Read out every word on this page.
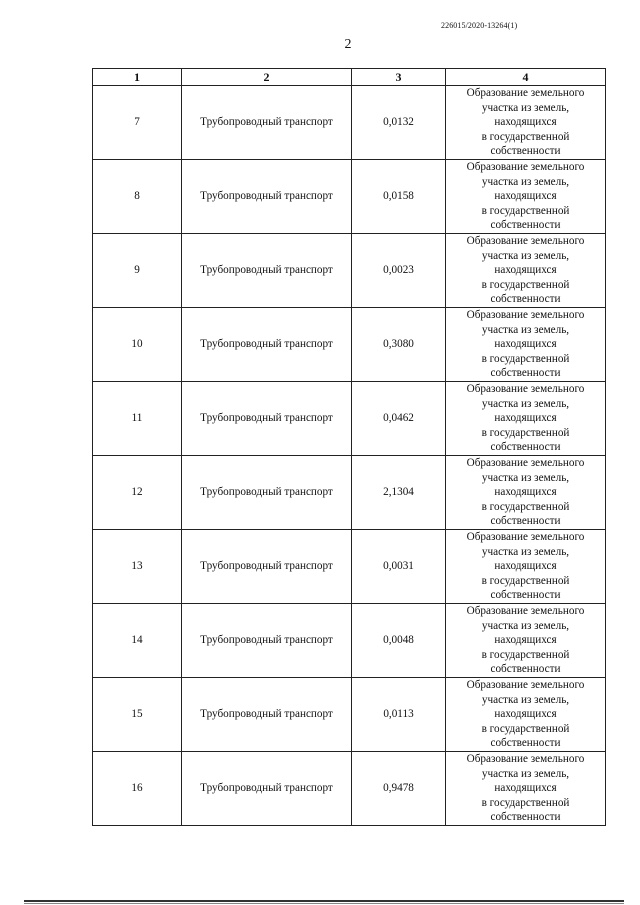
226015/2020-13264(1)
2
1	2	3	4
7	Трубопроводный транспорт	0,0132	Образование земельного
участка из земель,
находящихся
в государственной
собственности
8	Трубопроводный транспорт	0,0158	Образование земельного
участка из земель,
находящихся
в государственной
собственности
9	Трубопроводный транспорт	0,0023	Образование земельного
участка из земель,
находящихся
в государственной
собственности
10	Трубопроводный транспорт	0,3080	Образование земельного
участка из земель,
находящихся
в государственной
собственности
11	Трубопроводный транспорт	0,0462	Образование земельного
участка из земель,
находящихся
в государственной
собственности
12	Трубопроводный транспорт	2,1304	Образование земельного
участка из земель,
находящихся
в государственной
собственности
13	Трубопроводный транспорт	0,0031	Образование земельного
участка из земель,
находящихся
в государственной
собственности
14	Трубопроводный транспорт	0,0048	Образование земельного
участка из земель,
находящихся
в государственной
собственности
15	Трубопроводный транспорт	0,0113	Образование земельного
участка из земель,
находящихся
в государственной
собственности
16	Трубопроводный транспорт	0,9478	Образование земельного
участка из земель,
находящихся
в государственной
собственности
